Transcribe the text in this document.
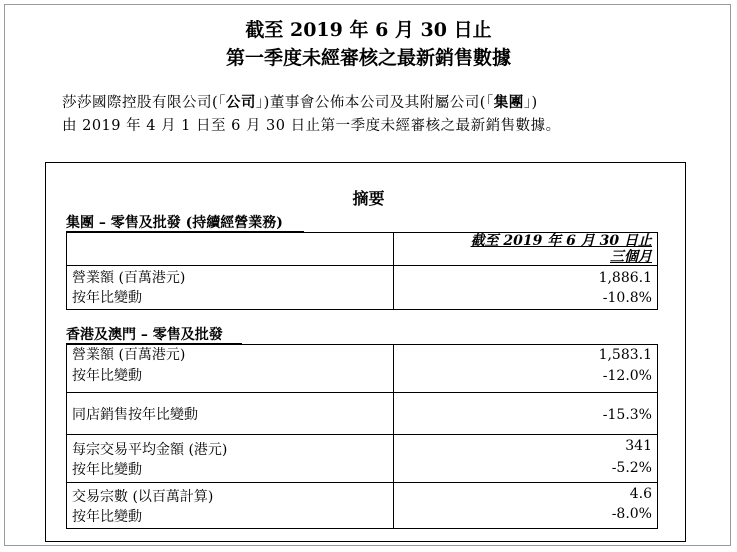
截至 2019 年 6 月 30 日止
第一季度未經審核之最新銷售數據
莎莎國際控股有限公司(「公司」)董事會公佈本公司及其附屬公司(「集團」)
由 2019 年 4 月 1 日至 6 月 30 日止第一季度未經審核之最新銷售數據。
摘要
集團 – 零售及批發 (持續經營業務)
截至 2019 年 6 月 30 日止
三個月
營業額 (百萬港元)	1,886.1
按年比變動	-10.8%
香港及澳門 – 零售及批發
營業額 (百萬港元)	1,583.1
按年比變動	-12.0%
同店銷售按年比變動	-15.3%
每宗交易平均金額 (港元)	341
按年比變動	-5.2%
交易宗數 (以百萬計算)	4.6
按年比變動	-8.0%
